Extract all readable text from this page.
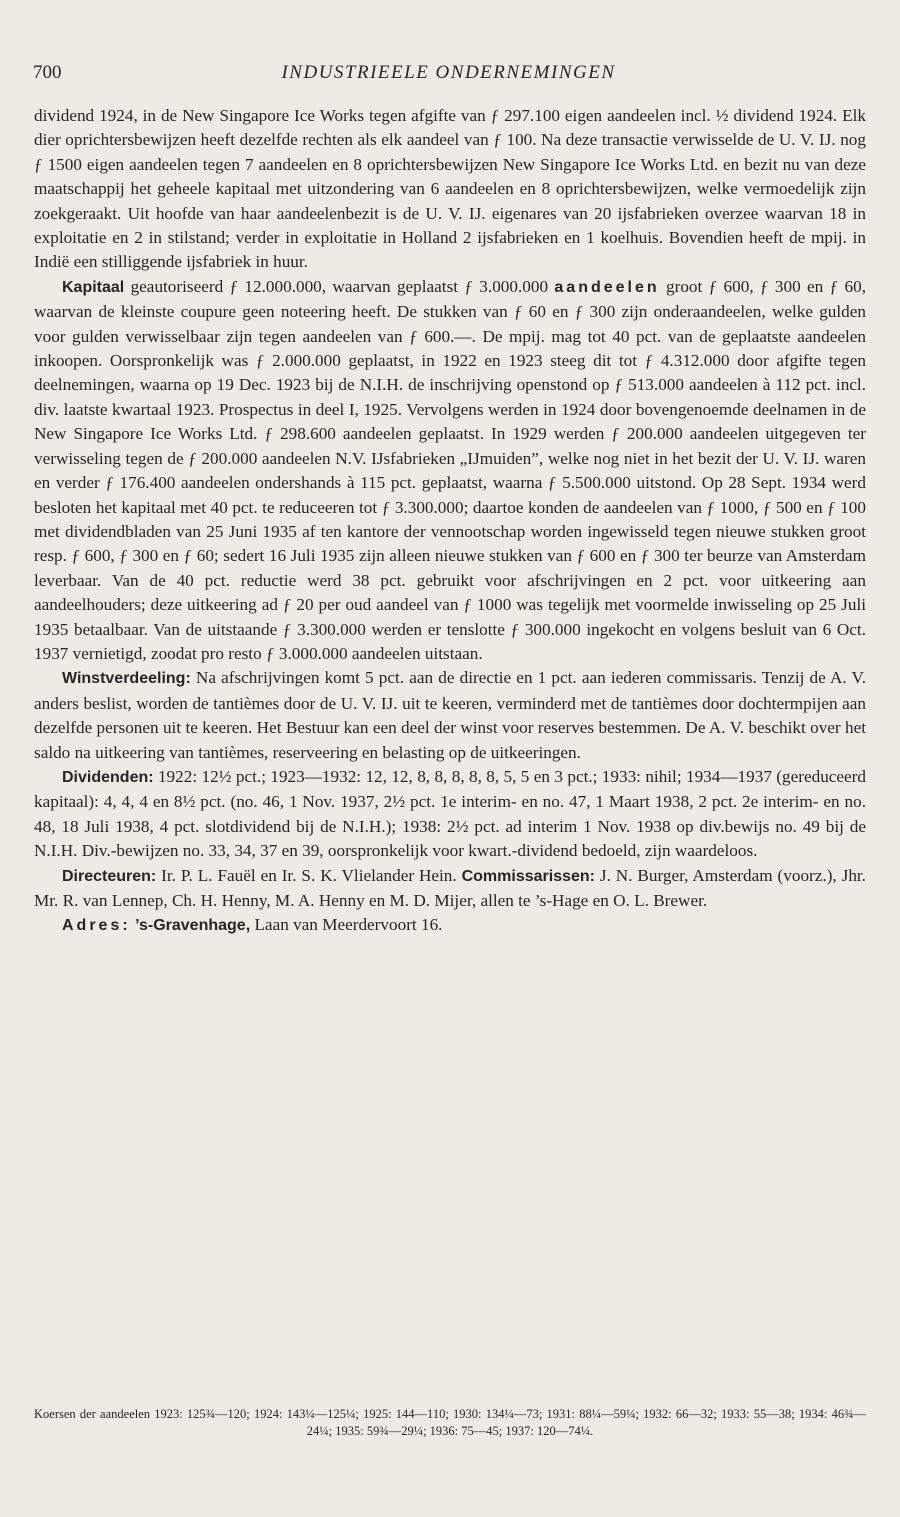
700	INDUSTRIEELE ONDERNEMINGEN

dividend 1924, in de New Singapore Ice Works tegen afgifte van ƒ 297.100 eigen aandeelen incl. ½ dividend 1924. Elk dier oprichtersbewijzen heeft dezelfde rechten als elk aandeel van ƒ 100. Na deze transactie verwisselde de U. V. IJ. nog ƒ 1500 eigen aandeelen tegen 7 aandeelen en 8 oprichtersbewijzen New Singapore Ice Works Ltd. en bezit nu van deze maatschappij het geheele kapitaal met uitzondering van 6 aandeelen en 8 oprichtersbewijzen, welke vermoedelijk zijn zoekgeraakt. Uit hoofde van haar aandeelenbezit is de U. V. IJ. eigenares van 20 ijsfabrieken overzee waarvan 18 in exploitatie en 2 in stilstand; verder in exploitatie in Holland 2 ijsfabrieken en 1 koelhuis. Bovendien heeft de mpij. in Indië een stilliggende ijsfabriek in huur.

Kapitaal geautoriseerd ƒ 12.000.000, waarvan geplaatst ƒ 3.000.000 aandeelen groot ƒ 600, ƒ 300 en ƒ 60, waarvan de kleinste coupure geen noteering heeft. De stukken van ƒ 60 en ƒ 300 zijn onderaandeelen, welke gulden voor gulden verwisselbaar zijn tegen aandeelen van ƒ 600.—. De mpij. mag tot 40 pct. van de geplaatste aandeelen inkoopen. Oorspronkelijk was ƒ 2.000.000 geplaatst, in 1922 en 1923 steeg dit tot ƒ 4.312.000 door afgifte tegen deelnemingen, waarna op 19 Dec. 1923 bij de N.I.H. de inschrijving openstond op ƒ 513.000 aandeelen à 112 pct. incl. div. laatste kwartaal 1923. Prospectus in deel I, 1925. Vervolgens werden in 1924 door bovengenoemde deelnamen in de New Singapore Ice Works Ltd. ƒ 298.600 aandeelen geplaatst. In 1929 werden ƒ 200.000 aandeelen uitgegeven ter verwisseling tegen de ƒ 200.000 aandeelen N.V. IJsfabrieken „IJmuiden”, welke nog niet in het bezit der U. V. IJ. waren en verder ƒ 176.400 aandeelen ondershands à 115 pct. geplaatst, waarna ƒ 5.500.000 uitstond. Op 28 Sept. 1934 werd besloten het kapitaal met 40 pct. te reduceeren tot ƒ 3.300.000; daartoe konden de aandeelen van ƒ 1000, ƒ 500 en ƒ 100 met dividendbladen van 25 Juni 1935 af ten kantore der vennootschap worden ingewisseld tegen nieuwe stukken groot resp. ƒ 600, ƒ 300 en ƒ 60; sedert 16 Juli 1935 zijn alleen nieuwe stukken van ƒ 600 en ƒ 300 ter beurze van Amsterdam leverbaar. Van de 40 pct. reductie werd 38 pct. gebruikt voor afschrijvingen en 2 pct. voor uitkeering aan aandeelhouders; deze uitkeering ad ƒ 20 per oud aandeel van ƒ 1000 was tegelijk met voormelde inwisseling op 25 Juli 1935 betaalbaar. Van de uitstaande ƒ 3.300.000 werden er tenslotte ƒ 300.000 ingekocht en volgens besluit van 6 Oct. 1937 vernietigd, zoodat pro resto ƒ 3.000.000 aandeelen uitstaan.

Winstverdeeling: Na afschrijvingen komt 5 pct. aan de directie en 1 pct. aan iederen commissaris. Tenzij de A. V. anders beslist, worden de tantièmes door de U. V. IJ. uit te keeren, verminderd met de tantièmes door dochtermpijen aan dezelfde personen uit te keeren. Het Bestuur kan een deel der winst voor reserves bestemmen. De A. V. beschikt over het saldo na uitkeering van tantièmes, reserveering en belasting op de uitkeeringen.

Dividenden: 1922: 12½ pct.; 1923—1932: 12, 12, 8, 8, 8, 8, 8, 5, 5 en 3 pct.; 1933: nihil; 1934—1937 (gereduceerd kapitaal): 4, 4, 4 en 8½ pct. (no. 46, 1 Nov. 1937, 2½ pct. 1e interim- en no. 47, 1 Maart 1938, 2 pct. 2e interim- en no. 48, 18 Juli 1938, 4 pct. slotdividend bij de N.I.H.); 1938: 2½ pct. ad interim 1 Nov. 1938 op div.bewijs no. 49 bij de N.I.H. Div.-bewijzen no. 33, 34, 37 en 39, oorspronkelijk voor kwart.-dividend bedoeld, zijn waardeloos.

Directeuren: Ir. P. L. Fauël en Ir. S. K. Vlielander Hein. Commissarissen: J. N. Burger, Amsterdam (voorz.), Jhr. Mr. R. van Lennep, Ch. H. Henny, M. A. Henny en M. D. Mijer, allen te ’s-Hage en O. L. Brewer.

Adres: ’s-Gravenhage, Laan van Meerdervoort 16.

Koersen der aandeelen 1923: 125¾—120; 1924: 143¼—125¼; 1925: 144—110; 1930: 134¼—73; 1931: 88¼—59¼; 1932: 66—32; 1933: 55—38; 1934: 46¾—24¼; 1935: 59¾—29¼; 1936: 75—45; 1937: 120—74¼.
